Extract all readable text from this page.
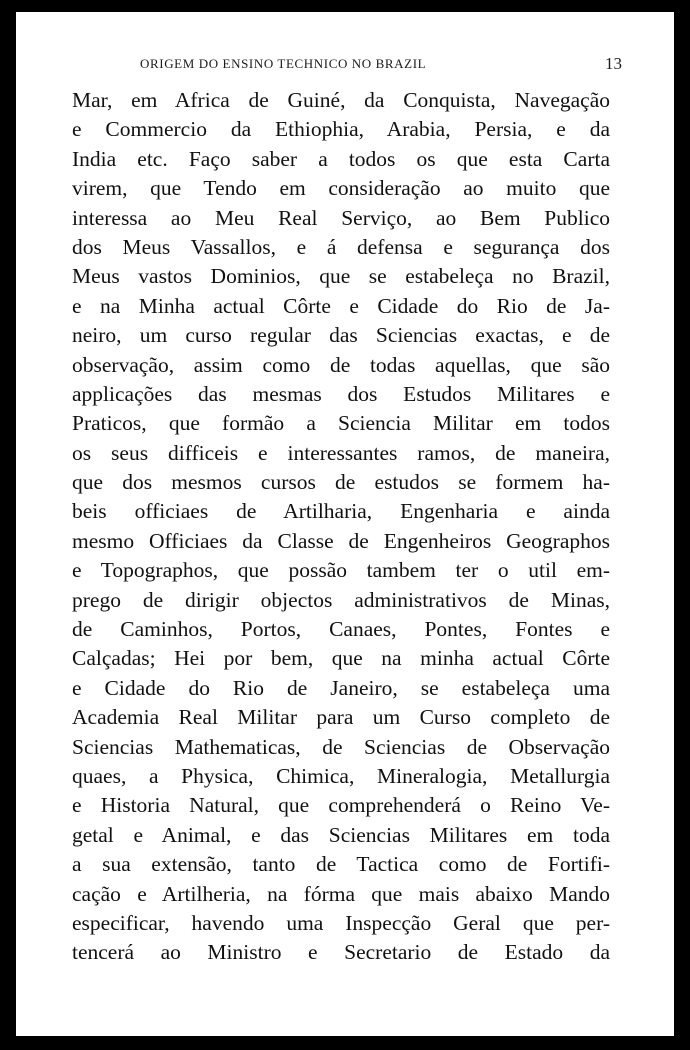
ORIGEM DO ENSINO TECHNICO NO BRAZIL	13
Mar, em Africa de Guiné, da Conquista, Navegação
e Commercio da Ethiophia, Arabia, Persia, e da
India etc. Faço saber a todos os que esta Carta
virem, que Tendo em consideração ao muito que
interessa ao Meu Real Serviço, ao Bem Publico
dos Meus Vassallos, e á defensa e segurança dos
Meus vastos Dominios, que se estabeleça no Brazil,
e na Minha actual Côrte e Cidade do Rio de Ja-
neiro, um curso regular das Sciencias exactas, e de
observação, assim como de todas aquellas, que são
applicações das mesmas dos Estudos Militares e
Praticos, que formão a Sciencia Militar em todos
os seus difficeis e interessantes ramos, de maneira,
que dos mesmos cursos de estudos se formem ha-
beis officiaes de Artilharia, Engenharia e ainda
mesmo Officiaes da Classe de Engenheiros Geographos
e Topographos, que possão tambem ter o util em-
prego de dirigir objectos administrativos de Minas,
de Caminhos, Portos, Canaes, Pontes, Fontes e
Calçadas; Hei por bem, que na minha actual Côrte
e Cidade do Rio de Janeiro, se estabeleça uma
Academia Real Militar para um Curso completo de
Sciencias Mathematicas, de Sciencias de Observação
quaes, a Physica, Chimica, Mineralogia, Metallurgia
e Historia Natural, que comprehenderá o Reino Ve-
getal e Animal, e das Sciencias Militares em toda
a sua extensão, tanto de Tactica como de Fortifi-
cação e Artilheria, na fórma que mais abaixo Mando
especificar, havendo uma Inspecção Geral que per-
tencerá ao Ministro e Secretario de Estado da
